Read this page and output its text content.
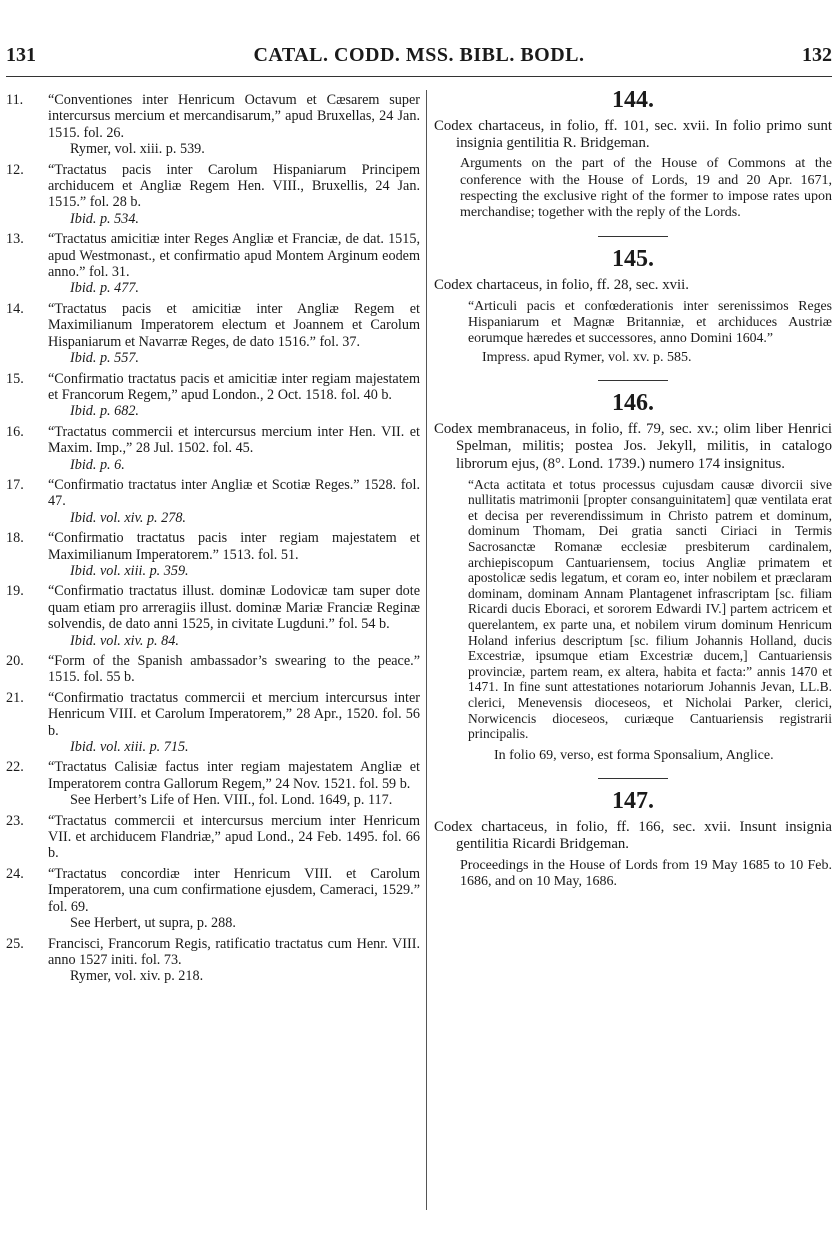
131	CATAL. CODD. MSS. BIBL. BODL.	132
11.	“Conventiones inter Henricum Octavum et Cæsarem super intercursus mercium et mercandisarum,” apud Bruxellas, 24 Jan. 1515. fol. 26.
Rymer, vol. xiii. p. 539.
12.	“Tractatus pacis inter Carolum Hispaniarum Principem archiducem et Angliæ Regem Hen. VIII., Bruxellis, 24 Jan. 1515.” fol. 28 b.
Ibid. p. 534.
13.	“Tractatus amicitiæ inter Reges Angliæ et Franciæ, de dat. 1515, apud Westmonast., et confirmatio apud Montem Arginum eodem anno.” fol. 31.
Ibid. p. 477.
14.	“Tractatus pacis et amicitiæ inter Angliæ Regem et Maximilianum Imperatorem electum et Joannem et Carolum Hispaniarum et Navarræ Reges, de dato 1516.” fol. 37.
Ibid. p. 557.
15.	“Confirmatio tractatus pacis et amicitiæ inter regiam majestatem et Francorum Regem,” apud London., 2 Oct. 1518. fol. 40 b.
Ibid. p. 682.
16.	“Tractatus commercii et intercursus mercium inter Hen. VII. et Maxim. Imp.,” 28 Jul. 1502. fol. 45.
Ibid. p. 6.
17.	“Confirmatio tractatus inter Angliæ et Scotiæ Reges.” 1528. fol. 47.
Ibid. vol. xiv. p. 278.
18.	“Confirmatio tractatus pacis inter regiam majestatem et Maximilianum Imperatorem.” 1513. fol. 51.
Ibid. vol. xiii. p. 359.
19.	“Confirmatio tractatus illust. dominæ Lodovicæ tam super dote quam etiam pro arreragiis illust. dominæ Mariæ Franciæ Reginæ solvendis, de dato anni 1525, in civitate Lugduni.” fol. 54 b.
Ibid. vol. xiv. p. 84.
20.	“Form of the Spanish ambassador’s swearing to the peace.” 1515. fol. 55 b.
21.	“Confirmatio tractatus commercii et mercium intercursus inter Henricum VIII. et Carolum Imperatorem,” 28 Apr., 1520. fol. 56 b.
Ibid. vol. xiii. p. 715.
22.	“Tractatus Calisiæ factus inter regiam majestatem Angliæ et Imperatorem contra Gallorum Regem,” 24 Nov. 1521. fol. 59 b.
See Herbert’s Life of Hen. VIII., fol. Lond. 1649, p. 117.
23.	“Tractatus commercii et intercursus mercium inter Henricum VII. et archiducem Flandriæ,” apud Lond., 24 Feb. 1495. fol. 66 b.
24.	“Tractatus concordiæ inter Henricum VIII. et Carolum Imperatorem, una cum confirmatione ejusdem, Cameraci, 1529.” fol. 69.
See Herbert, ut supra, p. 288.
25.	Francisci, Francorum Regis, ratificatio tractatus cum Henr. VIII. anno 1527 initi. fol. 73.
Rymer, vol. xiv. p. 218.
144.
Codex chartaceus, in folio, ff. 101, sec. xvii. In folio primo sunt insignia gentilitia R. Bridgeman.
Arguments on the part of the House of Commons at the conference with the House of Lords, 19 and 20 Apr. 1671, respecting the exclusive right of the former to impose rates upon merchandise; together with the reply of the Lords.
145.
Codex chartaceus, in folio, ff. 28, sec. xvii.
“Articuli pacis et confœderationis inter serenissimos Reges Hispaniarum et Magnæ Britanniæ, et archiduces Austriæ eorumque hæredes et successores, anno Domini 1604.”
Impress. apud Rymer, vol. xv. p. 585.
146.
Codex membranaceus, in folio, ff. 79, sec. xv.; olim liber Henrici Spelman, militis; postea Jos. Jekyll, militis, in catalogo librorum ejus, (8°. Lond. 1739.) numero 174 insignitus.
“Acta actitata et totus processus cujusdam causæ divorcii sive nullitatis matrimonii [propter consanguinitatem] quæ ventilata erat et decisa per reverendissimum in Christo patrem et dominum, dominum Thomam, Dei gratia sancti Ciriaci in Termis Sacrosanctæ Romanæ ecclesiæ presbiterum cardinalem, archiepiscopum Cantuariensem, tocius Angliæ primatem et apostolicæ sedis legatum, et coram eo, inter nobilem et præclaram dominam, dominam Annam Plantagenet infrascriptam [sc. filiam Ricardi ducis Eboraci, et sororem Edwardi IV.] partem actricem et querelantem, ex parte una, et nobilem virum dominum Henricum Holand inferius descriptum [sc. filium Johannis Holland, ducis Excestriæ, ipsumque etiam Excestriæ ducem,] Cantuariensis provinciæ, partem ream, ex altera, habita et facta:” annis 1470 et 1471. In fine sunt attestationes notariorum Johannis Jevan, LL.B. clerici, Menevensis dioceseos, et Nicholai Parker, clerici, Norwicencis dioceseos, curiæque Cantuariensis registrarii principalis.
In folio 69, verso, est forma Sponsalium, Anglice.
147.
Codex chartaceus, in folio, ff. 166, sec. xvii. Insunt insignia gentilitia Ricardi Bridgeman.
Proceedings in the House of Lords from 19 May 1685 to 10 Feb. 1686, and on 10 May, 1686.
